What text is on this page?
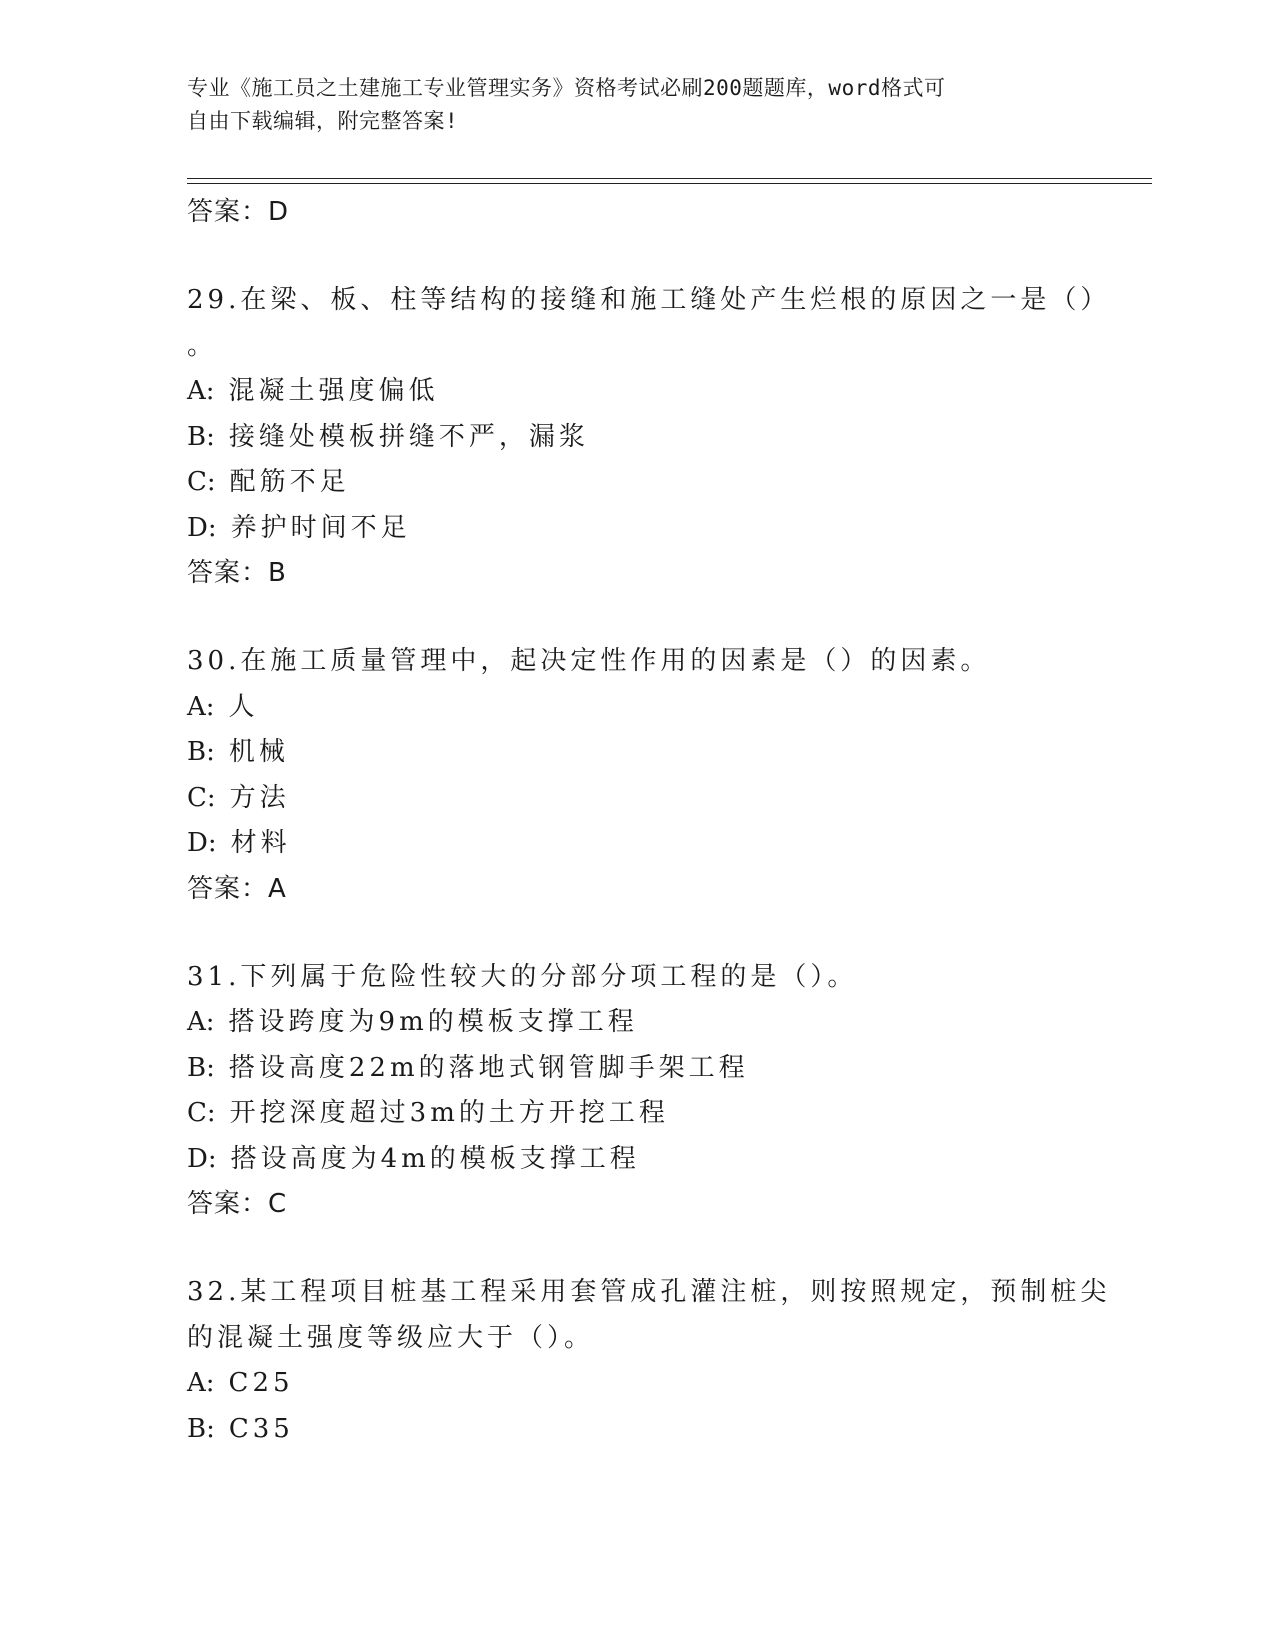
专业《施工员之土建施工专业管理实务》资格考试必刷200题题库，word格式可

自由下载编辑，附完整答案!

答案：D
29.在梁、板、柱等结构的接缝和施工缝处产生烂根的原因之一是（）
。
A: 混凝土强度偏低
B: 接缝处模板拼缝不严，漏浆
C: 配筋不足
D: 养护时间不足
答案：B
30.在施工质量管理中，起决定性作用的因素是（）的因素。
A: 人
B: 机械
C: 方法
D: 材料
答案：A
31.下列属于危险性较大的分部分项工程的是（）。
A: 搭设跨度为9m的模板支撑工程
B: 搭设高度22m的落地式钢管脚手架工程
C: 开挖深度超过3m的土方开挖工程
D: 搭设高度为4m的模板支撑工程
答案：C
32.某工程项目桩基工程采用套管成孔灌注桩，则按照规定，预制桩尖
的混凝土强度等级应大于（）。
A: C25
B: C35
